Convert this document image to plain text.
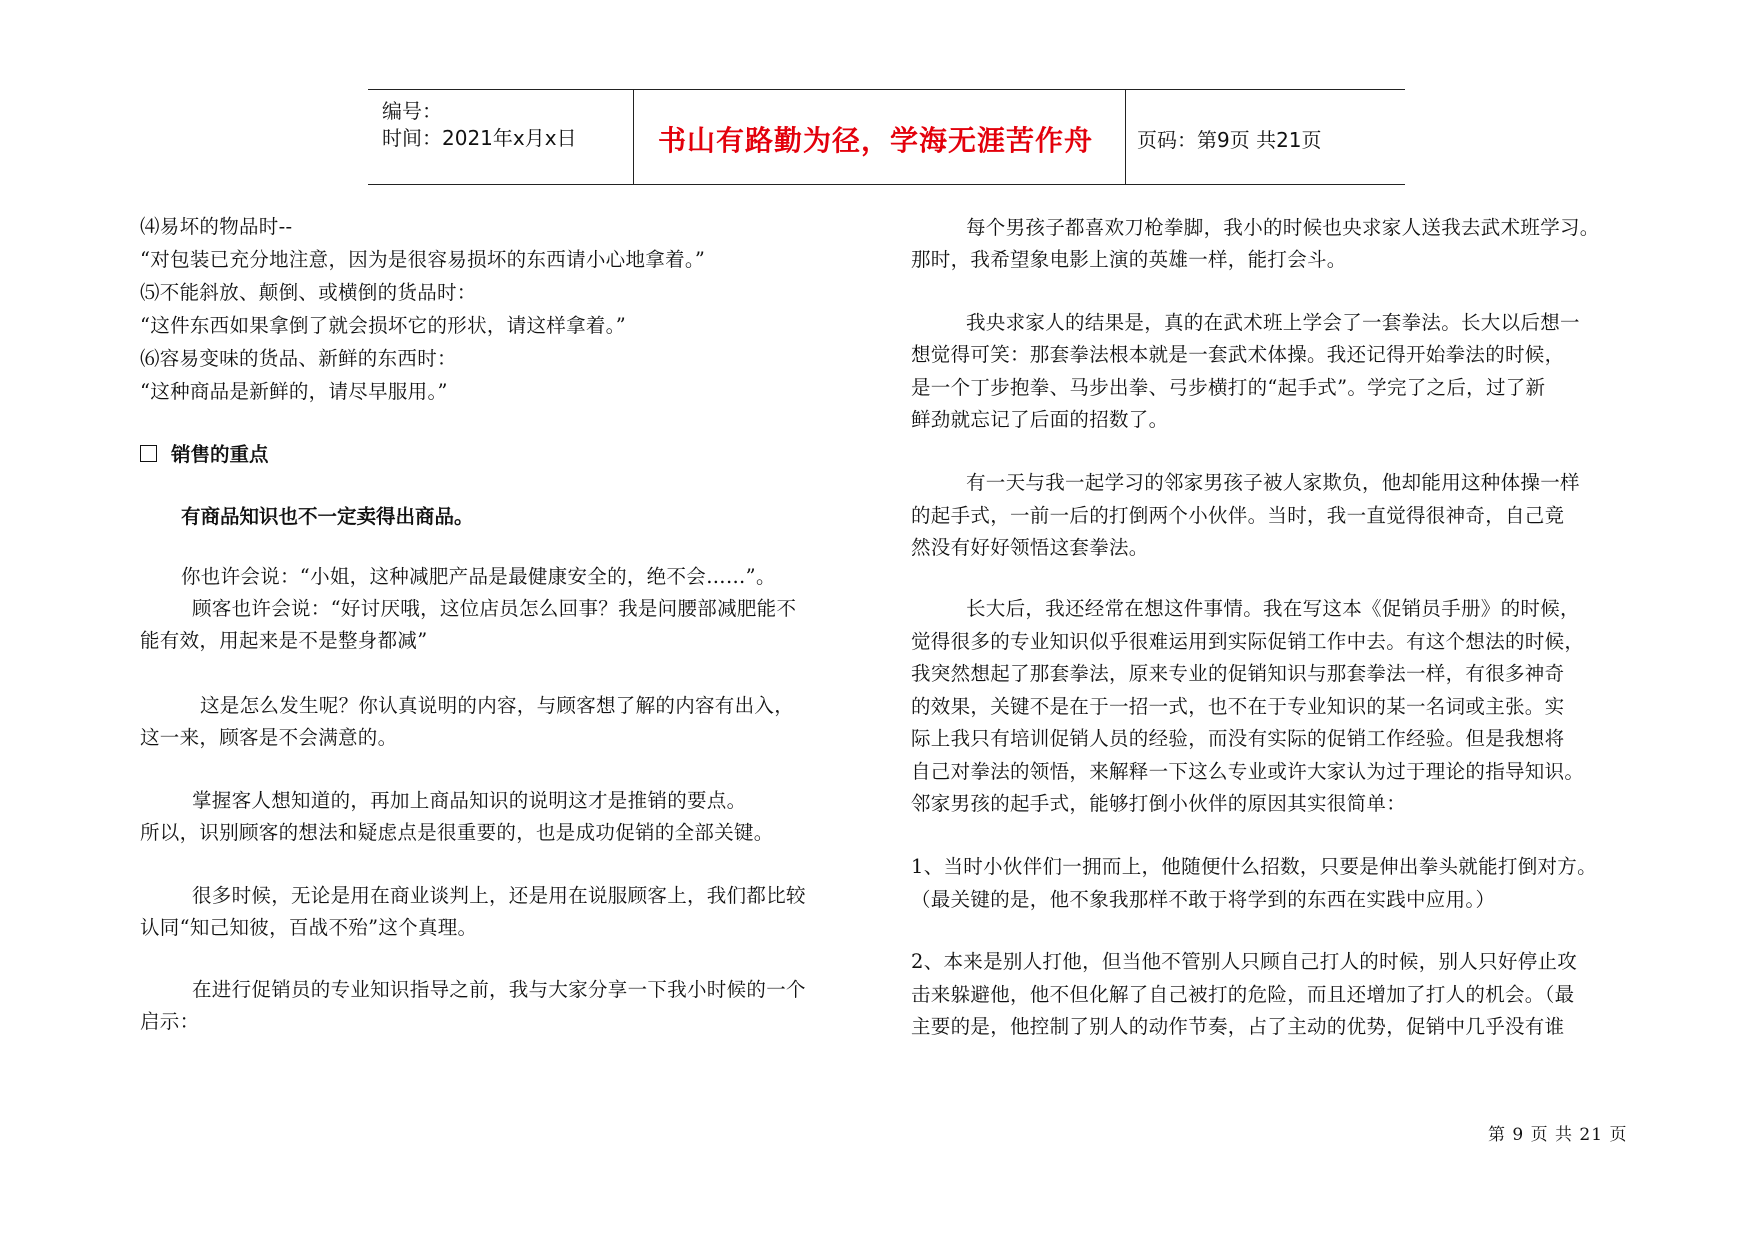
编号：
时间：2021年x月x日	书山有路勤为径，学海无涯苦作舟 页码：第9页 共21页
⑷易坏的物品时--
“对包装已充分地注意，因为是很容易损坏的东西请小心地拿着。”
⑸不能斜放、颠倒、或横倒的货品时：
“这件东西如果拿倒了就会损坏它的形状，请这样拿着。”
⑹容易变味的货品、新鲜的东西时：
“这种商品是新鲜的，请尽早服用。”
销售的重点
有商品知识也不一定卖得出商品。
你也许会说：“小姐，这种减肥产品是最健康安全的，绝不会……”。
顾客也许会说：“好讨厌哦，这位店员怎么回事？我是问腰部减肥能不
能有效，用起来是不是整身都减”
这是怎么发生呢？你认真说明的内容，与顾客想了解的内容有出入，
这一来，顾客是不会满意的。
掌握客人想知道的，再加上商品知识的说明这才是推销的要点。
所以，识别顾客的想法和疑虑点是很重要的，也是成功促销的全部关键。
很多时候，无论是用在商业谈判上，还是用在说服顾客上，我们都比较
认同“知己知彼，百战不殆”这个真理。
在进行促销员的专业知识指导之前，我与大家分享一下我小时候的一个
启示：
每个男孩子都喜欢刀枪拳脚，我小的时候也央求家人送我去武术班学习。
那时，我希望象电影上演的英雄一样，能打会斗。
我央求家人的结果是，真的在武术班上学会了一套拳法。长大以后想一
想觉得可笑：那套拳法根本就是一套武术体操。我还记得开始拳法的时候，
是一个丁步抱拳、马步出拳、弓步横打的“起手式”。学完了之后，过了新
鲜劲就忘记了后面的招数了。
有一天与我一起学习的邻家男孩子被人家欺负，他却能用这种体操一样
的起手式，一前一后的打倒两个小伙伴。当时，我一直觉得很神奇，自己竟
然没有好好领悟这套拳法。
长大后，我还经常在想这件事情。我在写这本《促销员手册》的时候，
觉得很多的专业知识似乎很难运用到实际促销工作中去。有这个想法的时候，
我突然想起了那套拳法，原来专业的促销知识与那套拳法一样，有很多神奇
的效果，关键不是在于一招一式，也不在于专业知识的某一名词或主张。实
际上我只有培训促销人员的经验，而没有实际的促销工作经验。但是我想将
自己对拳法的领悟，来解释一下这么专业或许大家认为过于理论的指导知识。
邻家男孩的起手式，能够打倒小伙伴的原因其实很简单：
1、当时小伙伴们一拥而上，他随便什么招数，只要是伸出拳头就能打倒对方。
（最关键的是，他不象我那样不敢于将学到的东西在实践中应用。）
2、本来是别人打他，但当他不管别人只顾自己打人的时候，别人只好停止攻
击来躲避他，他不但化解了自己被打的危险，而且还增加了打人的机会。（最
主要的是，他控制了别人的动作节奏，占了主动的优势，促销中几乎没有谁
第 9 页 共 21 页
